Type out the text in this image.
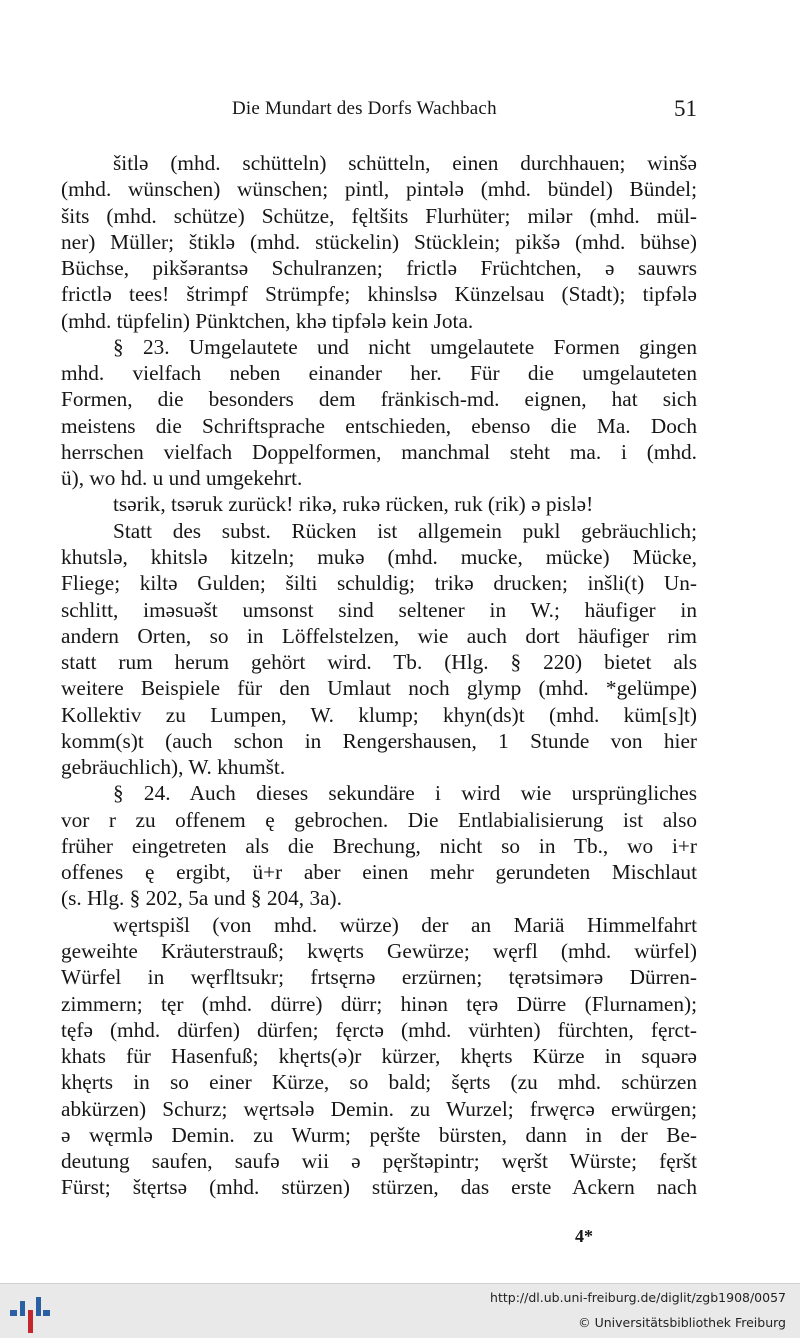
Die Mundart des Dorfs Wachbach	51
šitlə (mhd. schütteln) schütteln, einen durchhauen; winšə
(mhd. wünschen) wünschen; pintl, pintələ (mhd. bündel) Bündel;
šits (mhd. schütze) Schütze, fęltšits Flurhüter; milər (mhd. mül-
ner) Müller; štiklə (mhd. stückelin) Stücklein; pikšə (mhd. bühse)
Büchse, pikšərantsə Schulranzen; frictlə Früchtchen, ə sauwrs
frictlə tees! štrimpf Strümpfe; khinslsə Künzelsau (Stadt); tipfələ
(mhd. tüpfelin) Pünktchen, khə tipfələ kein Jota.
§ 23. Umgelautete und nicht umgelautete Formen gingen
mhd. vielfach neben einander her. Für die umgelauteten
Formen, die besonders dem fränkisch-md. eignen, hat sich
meistens die Schriftsprache entschieden, ebenso die Ma. Doch
herrschen vielfach Doppelformen, manchmal steht ma. i (mhd.
ü), wo hd. u und umgekehrt.
tsərik, tsəruk zurück! rikə, rukə rücken, ruk (rik) ə pislə!
Statt des subst. Rücken ist allgemein pukl gebräuchlich;
khutslə, khitslə kitzeln; mukə (mhd. mucke, mücke) Mücke,
Fliege; kiltə Gulden; šilti schuldig; trikə drucken; inšli(t) Un-
schlitt, iməsuəšt umsonst sind seltener in W.; häufiger in
andern Orten, so in Löffelstelzen, wie auch dort häufiger rim
statt rum herum gehört wird. Tb. (Hlg. § 220) bietet als
weitere Beispiele für den Umlaut noch glymp (mhd. *gelümpe)
Kollektiv zu Lumpen, W. klump; khyn(ds)t (mhd. küm[s]t)
komm(s)t (auch schon in Rengershausen, 1 Stunde von hier
gebräuchlich), W. khumšt.
§ 24. Auch dieses sekundäre i wird wie ursprüngliches
vor r zu offenem ę gebrochen. Die Entlabialisierung ist also
früher eingetreten als die Brechung, nicht so in Tb., wo i+r
offenes ę ergibt, ü+r aber einen mehr gerundeten Mischlaut
(s. Hlg. § 202, 5a und § 204, 3a).
węrtspišl (von mhd. würze) der an Mariä Himmelfahrt
geweihte Kräuterstrauß; kwęrts Gewürze; węrfl (mhd. würfel)
Würfel in węrfltsukr; frtsęrnə erzürnen; tęrətsimərə Dürren-
zimmern; tęr (mhd. dürre) dürr; hinən tęrə Dürre (Flurnamen);
tęfə (mhd. dürfen) dürfen; fęrctə (mhd. vürhten) fürchten, fęrct-
khats für Hasenfuß; khęrts(ə)r kürzer, khęrts Kürze in squərə
khęrts in so einer Kürze, so bald; šęrts (zu mhd. schürzen
abkürzen) Schurz; węrtsələ Demin. zu Wurzel; frwęrcə erwürgen;
ə węrmlə Demin. zu Wurm; pęršte bürsten, dann in der Be-
deutung saufen, saufə wii ə pęrštəpintr; węršt Würste; fęršt
Fürst; štęrtsə (mhd. stürzen) stürzen, das erste Ackern nach
4*
http://dl.ub.uni-freiburg.de/diglit/zgb1908/0057
© Universitätsbibliothek Freiburg
